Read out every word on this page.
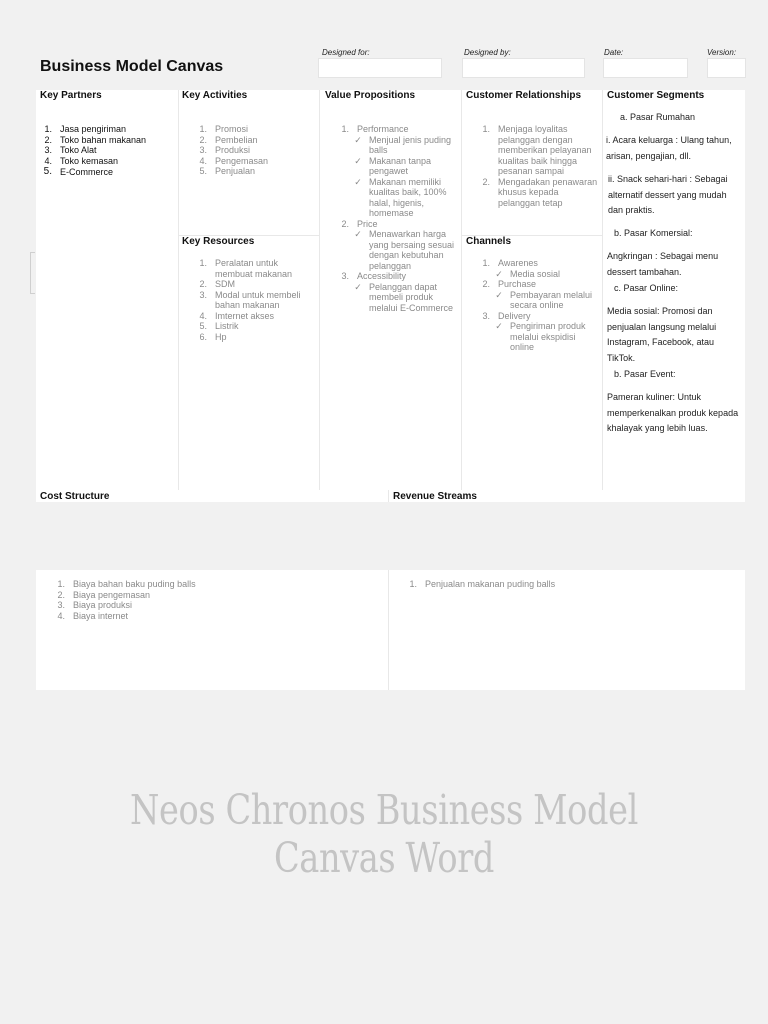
Business Model Canvas
Designed for:	Designed by:	Date:	Version:
Key Partners
1. Jasa pengiriman
2. Toko bahan makanan
3. Toko Alat
4. Toko kemasan
5. E-Commerce
Key Activities
1. Promosi
2. Pembelian
3. Produksi
4. Pengemasan
5. Penjualan
Key Resources
1. Peralatan untuk membuat makanan
2. SDM
3. Modal untuk membeli bahan makanan
4. Imternet akses
5. Listrik
6. Hp
Value Propositions
1. Performance
✓ Menjual jenis puding balls
✓ Makanan tanpa pengawet
✓ Makanan memiliki kualitas baik, 100% halal, higenis, homemase
2. Price
✓ Menawarkan harga yang bersaing sesuai dengan kebutuhan pelanggan
3. Accessibility
✓ Pelanggan dapat membeli produk melalui E-Commerce
Customer Relationships
1. Menjaga loyalitas pelanggan dengan memberikan pelayanan kualitas baik hingga pesanan sampai
2. Mengadakan penawaran khusus kepada pelanggan tetap
Channels
1. Awarenes
✓ Media sosial
2. Purchase
✓ Pembayaran melalui secara online
3. Delivery
✓ Pengiriman produk melalui ekspidisi online
Customer Segments
a. Pasar Rumahan
i. Acara keluarga : Ulang tahun, arisan, pengajian, dll.
ii. Snack sehari-hari : Sebagai alternatif dessert yang mudah dan praktis.
b. Pasar Komersial:
Angkringan : Sebagai menu dessert tambahan.
c. Pasar Online:
Media sosial: Promosi dan penjualan langsung melalui Instagram, Facebook, atau TikTok.
b. Pasar Event:
Pameran kuliner: Untuk memperkenalkan produk kepada khalayak yang lebih luas.
Cost Structure	Revenue Streams
1. Biaya bahan baku puding balls
2. Biaya pengemasan
3. Biaya produksi
4. Biaya internet
1. Penjualan makanan puding balls
Neos Chronos Business Model Canvas Word
